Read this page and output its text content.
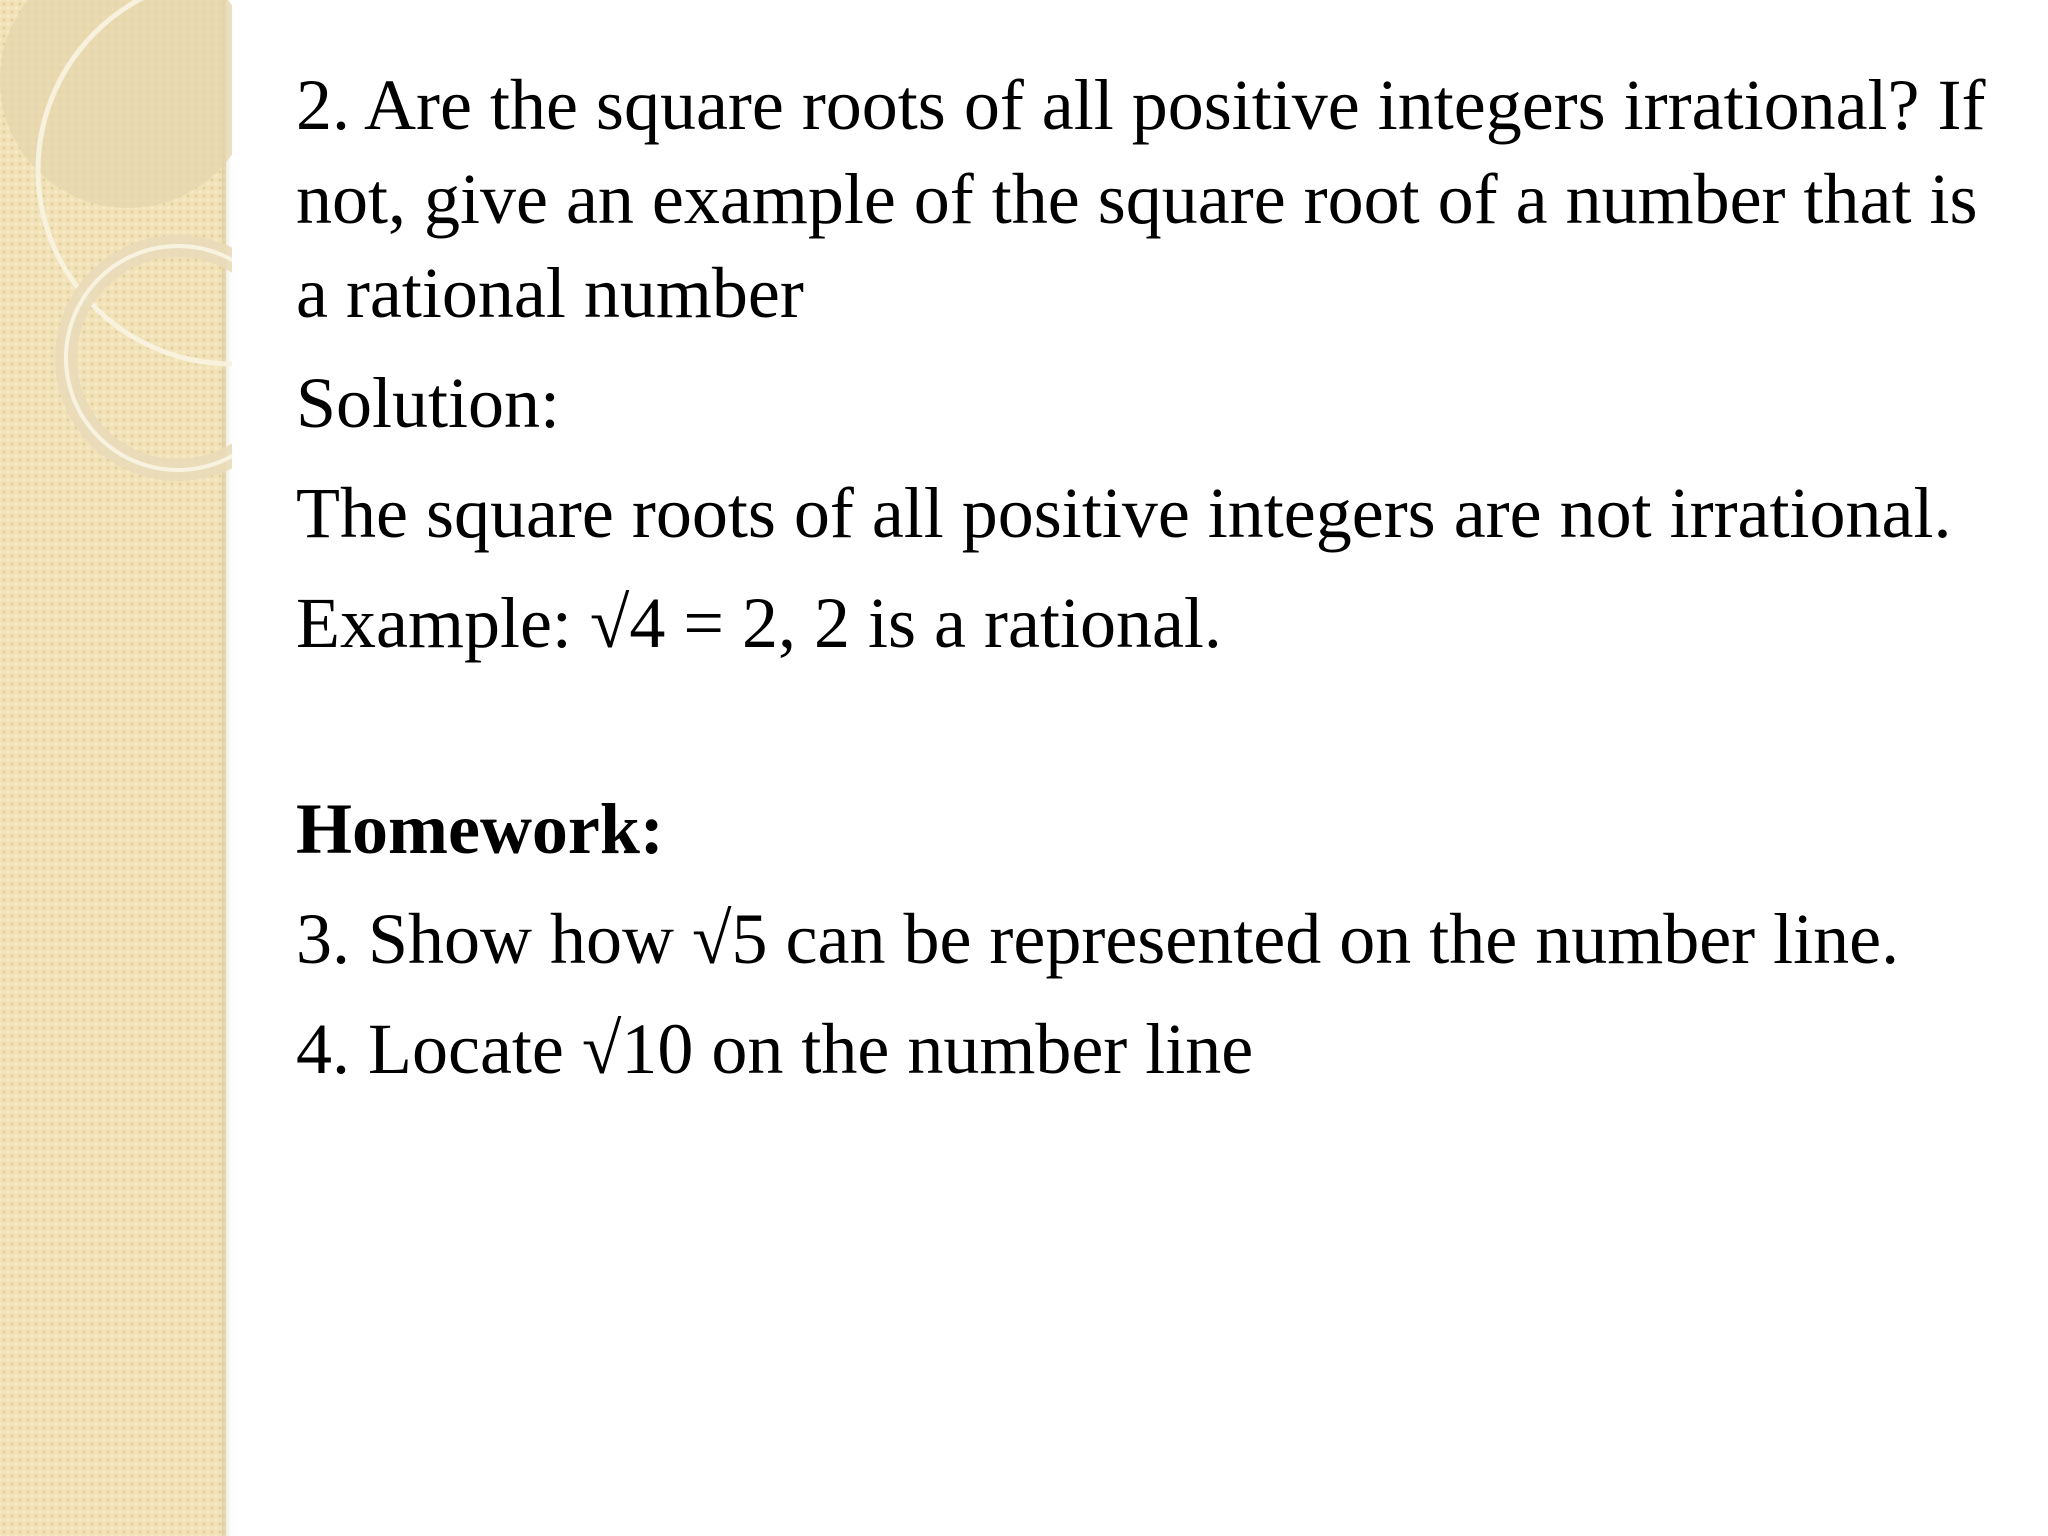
2. Are the square roots of all positive integers irrational? If not, give an example of the square root of a number that is a rational number

Solution:

The square roots of all positive integers are not irrational.

Example: √4 = 2, 2 is a rational.

Homework:

3. Show how √5 can be represented on the number line.

4. Locate √10 on the number line
